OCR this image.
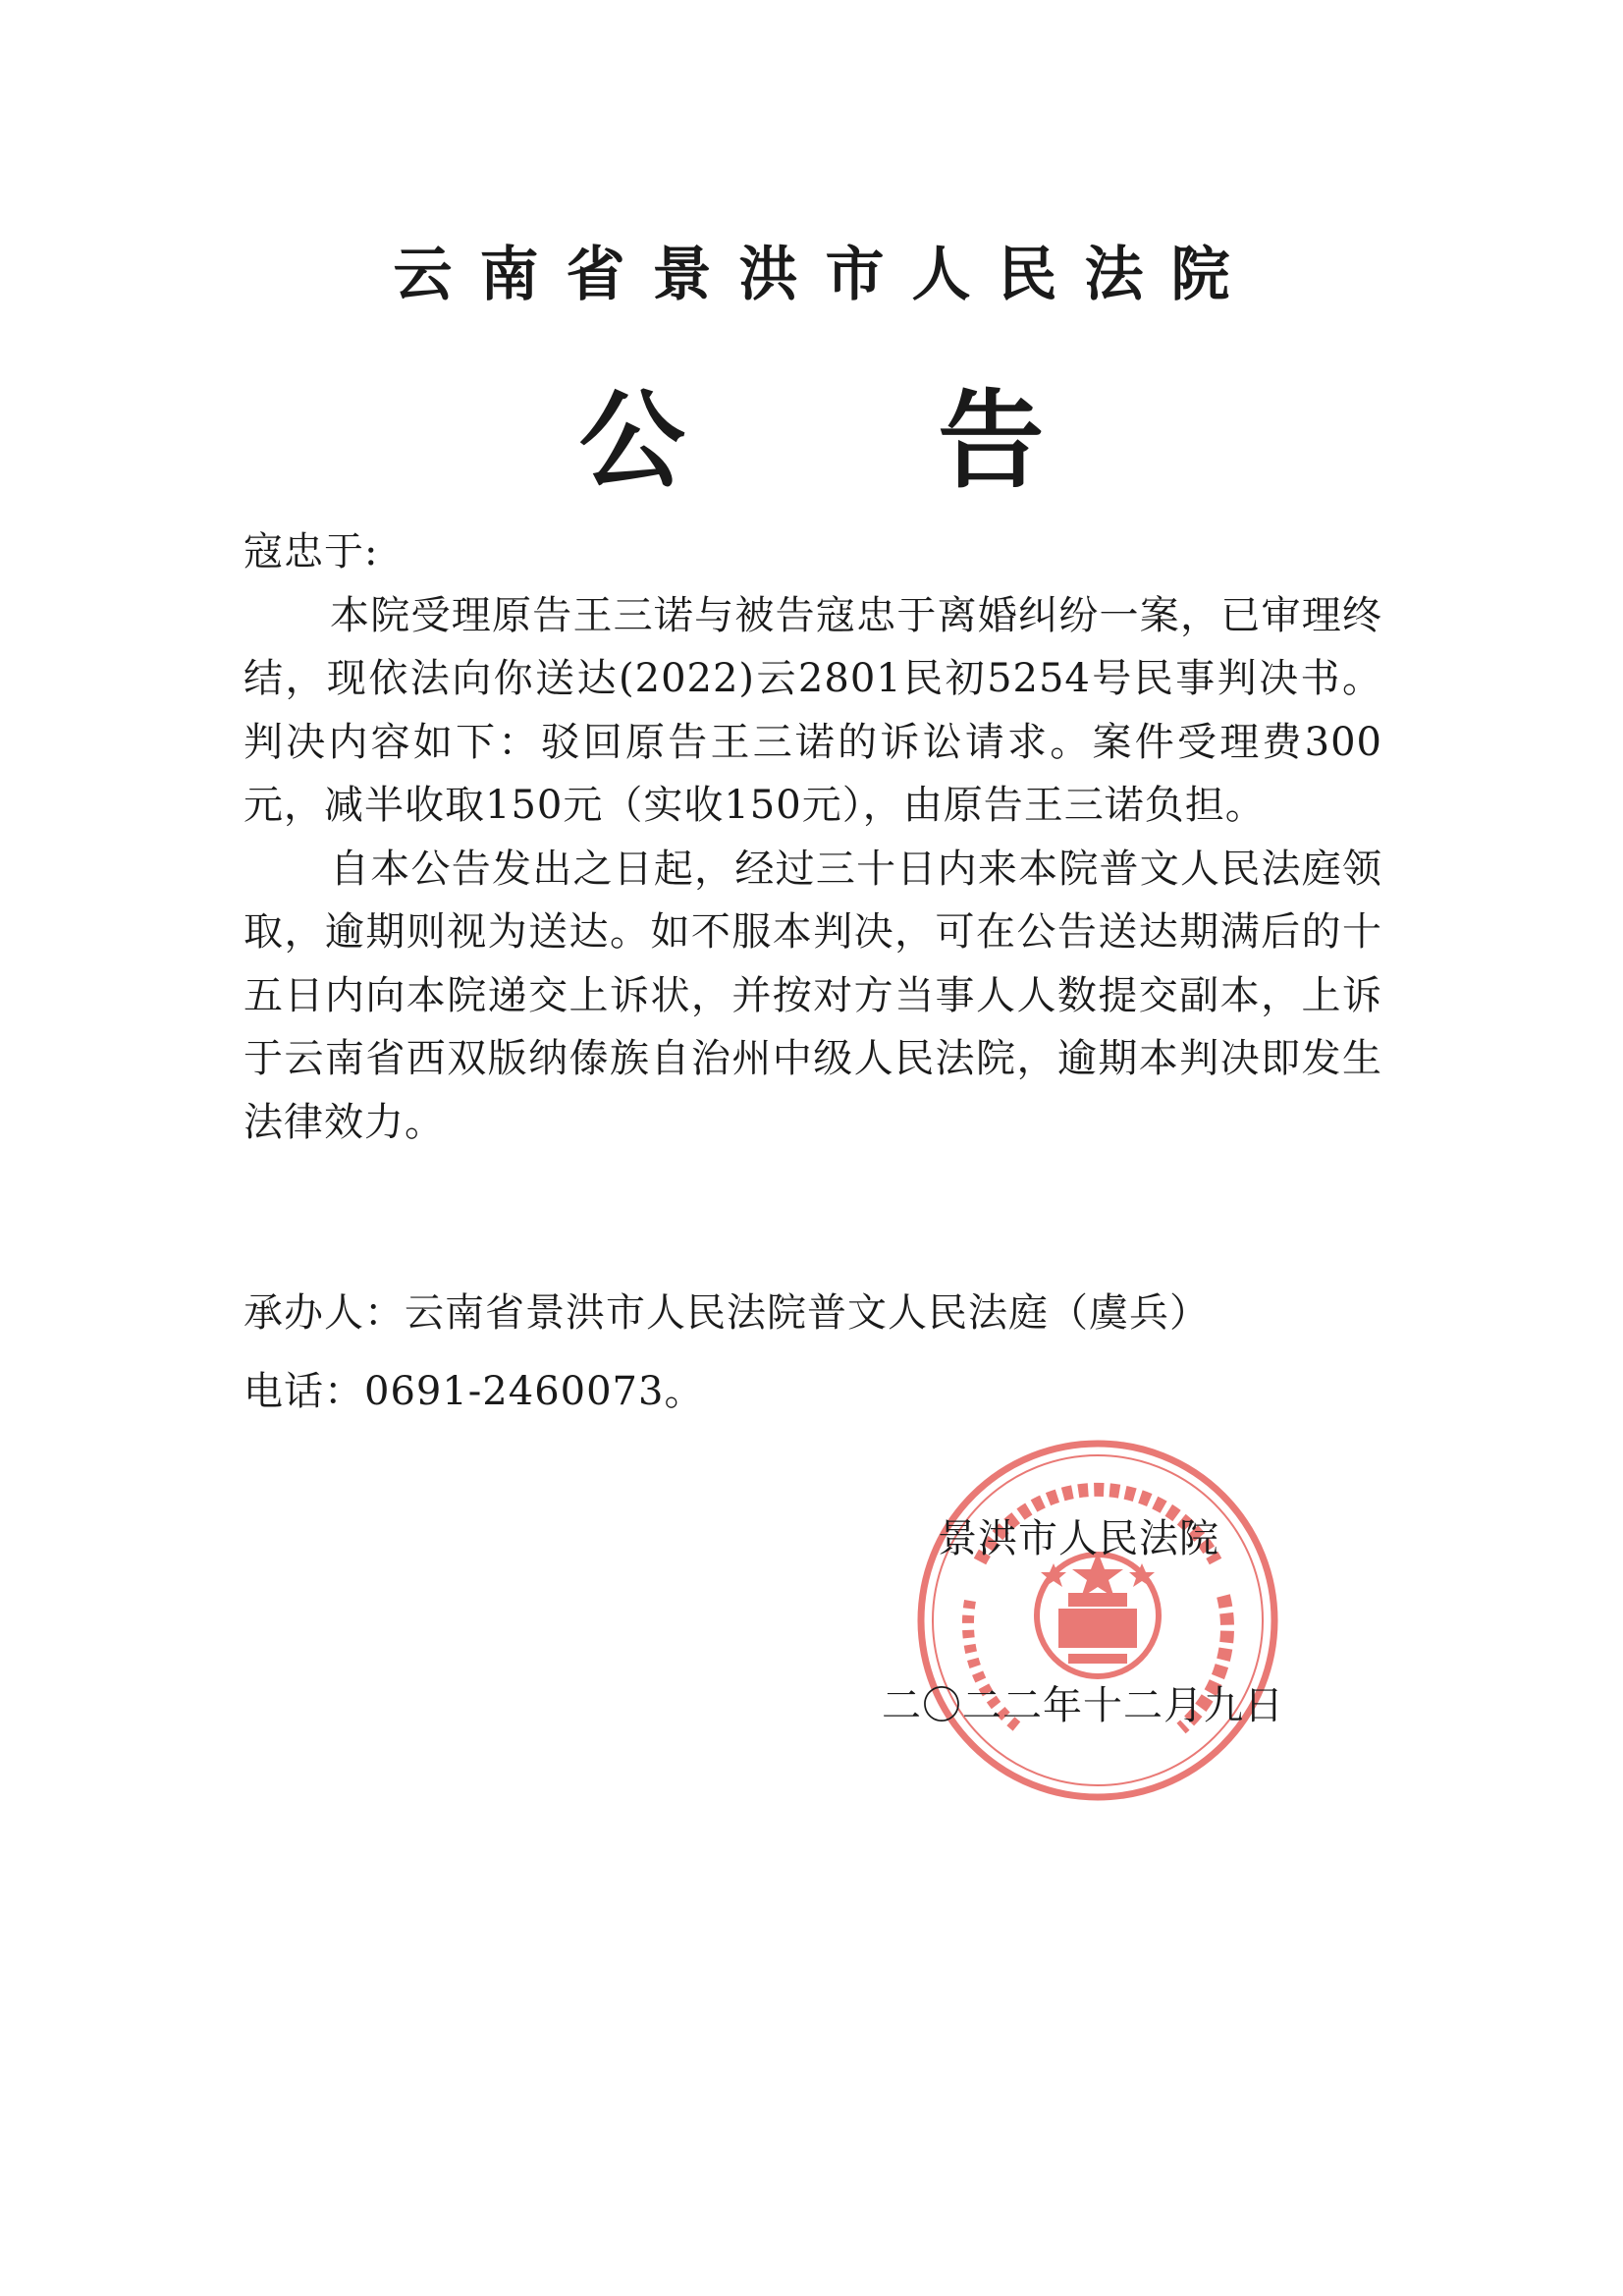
云南省景洪市人民法院
公 告

寇忠于:

本院受理原告王三诺与被告寇忠于离婚纠纷一案，已审理终结，现依法向你送达(2022)云2801民初5254号民事判决书。判决内容如下：驳回原告王三诺的诉讼请求。案件受理费300元，减半收取150元（实收150元），由原告王三诺负担。

自本公告发出之日起，经过三十日内来本院普文人民法庭领取，逾期则视为送达。如不服本判决，可在公告送达期满后的十五日内向本院递交上诉状，并按对方当事人人数提交副本，上诉于云南省西双版纳傣族自治州中级人民法院，逾期本判决即发生法律效力。

承办人：云南省景洪市人民法院普文人民法庭（虞兵）
电话：0691-2460073。
景洪市人民法院
二〇二二年十二月九日
